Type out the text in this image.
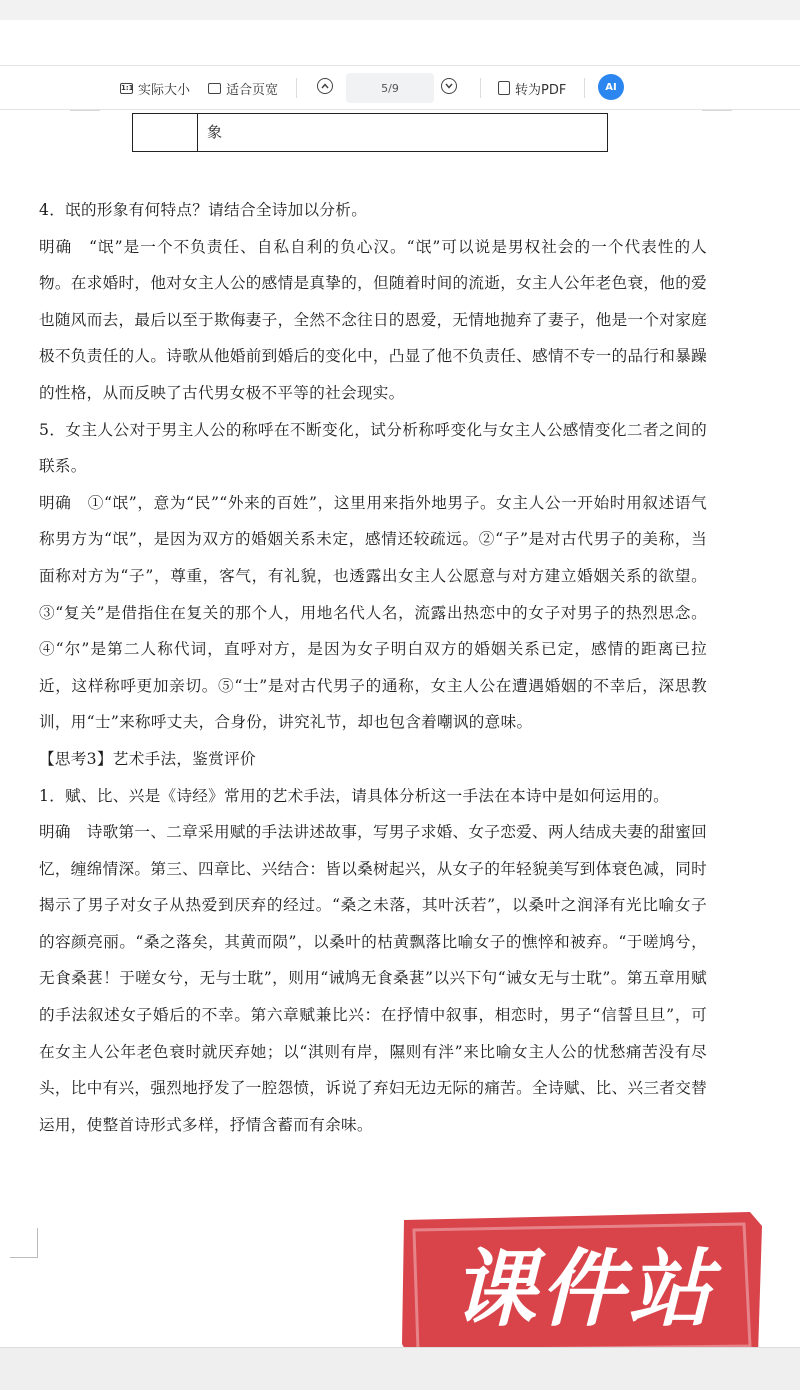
1:1 实际大小	适合页宽	5/9	转为PDF	AI
象

4．氓的形象有何特点？请结合全诗加以分析。

明确　“氓”是一个不负责任、自私自利的负心汉。“氓”可以说是男权社会的一个代表性的人物。在求婚时，他对女主人公的感情是真挚的，但随着时间的流逝，女主人公年老色衰，他的爱也随风而去，最后以至于欺侮妻子，全然不念往日的恩爱，无情地抛弃了妻子，他是一个对家庭极不负责任的人。诗歌从他婚前到婚后的变化中，凸显了他不负责任、感情不专一的品行和暴躁的性格，从而反映了古代男女极不平等的社会现实。

5．女主人公对于男主人公的称呼在不断变化，试分析称呼变化与女主人公感情变化二者之间的联系。

明确　①“氓”，意为“民”“外来的百姓”，这里用来指外地男子。女主人公一开始时用叙述语气称男方为“氓”，是因为双方的婚姻关系未定，感情还较疏远。②“子”是对古代男子的美称，当面称对方为“子”，尊重，客气，有礼貌，也透露出女主人公愿意与对方建立婚姻关系的欲望。③“复关”是借指住在复关的那个人，用地名代人名，流露出热恋中的女子对男子的热烈思念。④“尔”是第二人称代词，直呼对方，是因为女子明白双方的婚姻关系已定，感情的距离已拉近，这样称呼更加亲切。⑤“士”是对古代男子的通称，女主人公在遭遇婚姻的不幸后，深思教训，用“士”来称呼丈夫，合身份，讲究礼节，却也包含着嘲讽的意味。

【思考3】艺术手法，鉴赏评价

1．赋、比、兴是《诗经》常用的艺术手法，请具体分析这一手法在本诗中是如何运用的。

明确　诗歌第一、二章采用赋的手法讲述故事，写男子求婚、女子恋爱、两人结成夫妻的甜蜜回忆，缠绵情深。第三、四章比、兴结合：皆以桑树起兴，从女子的年轻貌美写到体衰色减，同时揭示了男子对女子从热爱到厌弃的经过。“桑之未落，其叶沃若”，以桑叶之润泽有光比喻女子的容颜亮丽。“桑之落矣，其黄而陨”，以桑叶的枯黄飘落比喻女子的憔悴和被弃。“于嗟鸠兮，无食桑葚！于嗟女兮，无与士耽”，则用“诫鸠无食桑葚”以兴下句“诫女无与士耽”。第五章用赋的手法叙述女子婚后的不幸。第六章赋兼比兴：在抒情中叙事，相恋时，男子“信誓旦旦”，可在女主人公年老色衰时就厌弃她；以“淇则有岸，隰则有泮”来比喻女主人公的忧愁痛苦没有尽头，比中有兴，强烈地抒发了一腔怨愤，诉说了弃妇无边无际的痛苦。全诗赋、比、兴三者交替运用，使整首诗形式多样，抒情含蓄而有余味。

课件站
